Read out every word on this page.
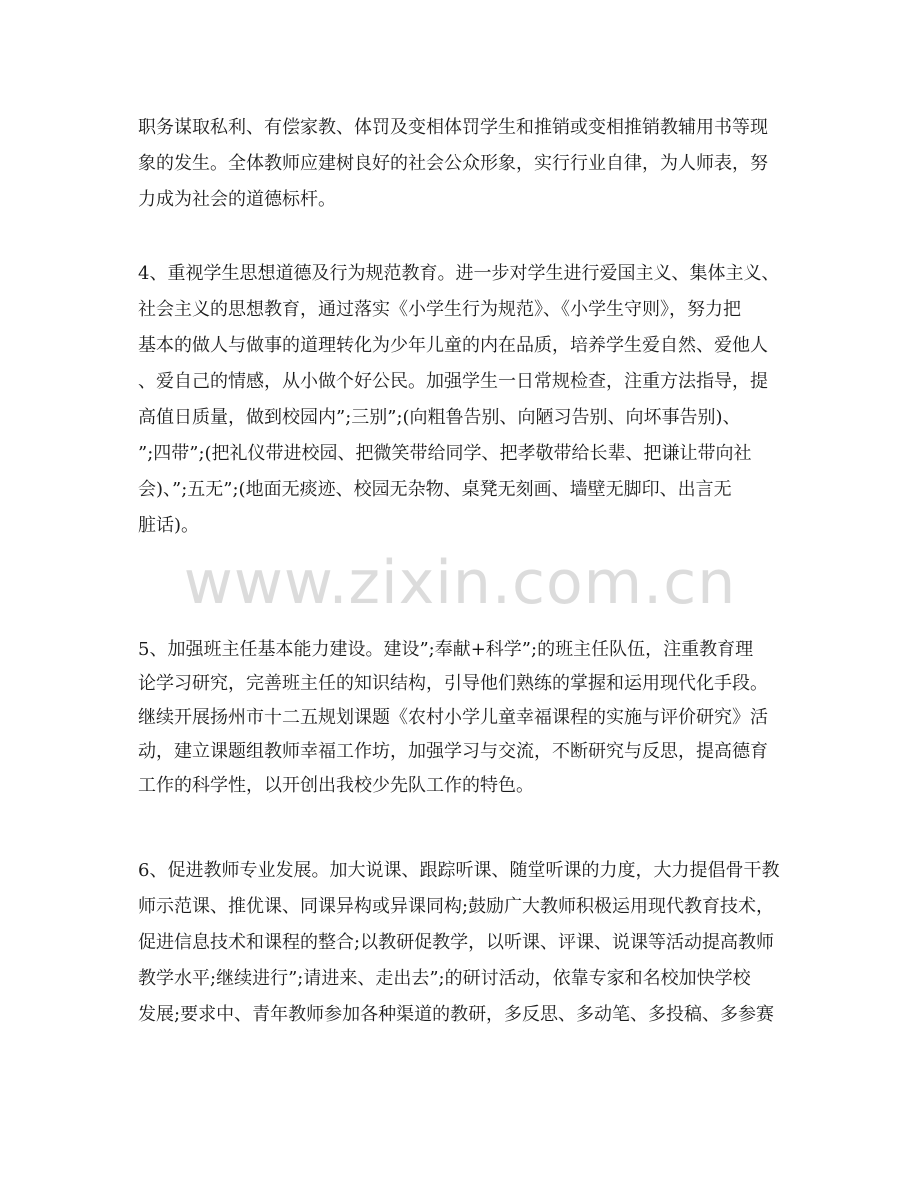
职务谋取私利、有偿家教、体罚及变相体罚学生和推销或变相推销教辅用书等现
象的发生。全体教师应建树良好的社会公众形象，实行行业自律，为人师表，努
力成为社会的道德标杆。

4、重视学生思想道德及行为规范教育。进一步对学生进行爱国主义、集体主义、
社会主义的思想教育，通过落实《小学生行为规范》、《小学生守则》，努力把
基本的做人与做事的道理转化为少年儿童的内在品质，培养学生爱自然、爱他人
、爱自己的情感，从小做个好公民。加强学生一日常规检查，注重方法指导，提
高值日质量，做到校园内”;三别”;(向粗鲁告别、向陋习告别、向坏事告别)、
”;四带”;(把礼仪带进校园、把微笑带给同学、把孝敬带给长辈、把谦让带向社
会)、”;五无”;(地面无痰迹、校园无杂物、桌凳无刻画、墙壁无脚印、出言无
脏话)。

5、加强班主任基本能力建设。建设”;奉献+科学”;的班主任队伍，注重教育理
论学习研究，完善班主任的知识结构，引导他们熟练的掌握和运用现代化手段。
继续开展扬州市十二五规划课题《农村小学儿童幸福课程的实施与评价研究》活
动，建立课题组教师幸福工作坊，加强学习与交流，不断研究与反思，提高德育
工作的科学性，以开创出我校少先队工作的特色。

6、促进教师专业发展。加大说课、跟踪听课、随堂听课的力度，大力提倡骨干教
师示范课、推优课、同课异构或异课同构;鼓励广大教师积极运用现代教育技术，
促进信息技术和课程的整合;以教研促教学，以听课、评课、说课等活动提高教师
教学水平;继续进行”;请进来、走出去”;的研讨活动，依靠专家和名校加快学校
发展;要求中、青年教师参加各种渠道的教研，多反思、多动笔、多投稿、多参赛

www.zixin.com.cn
